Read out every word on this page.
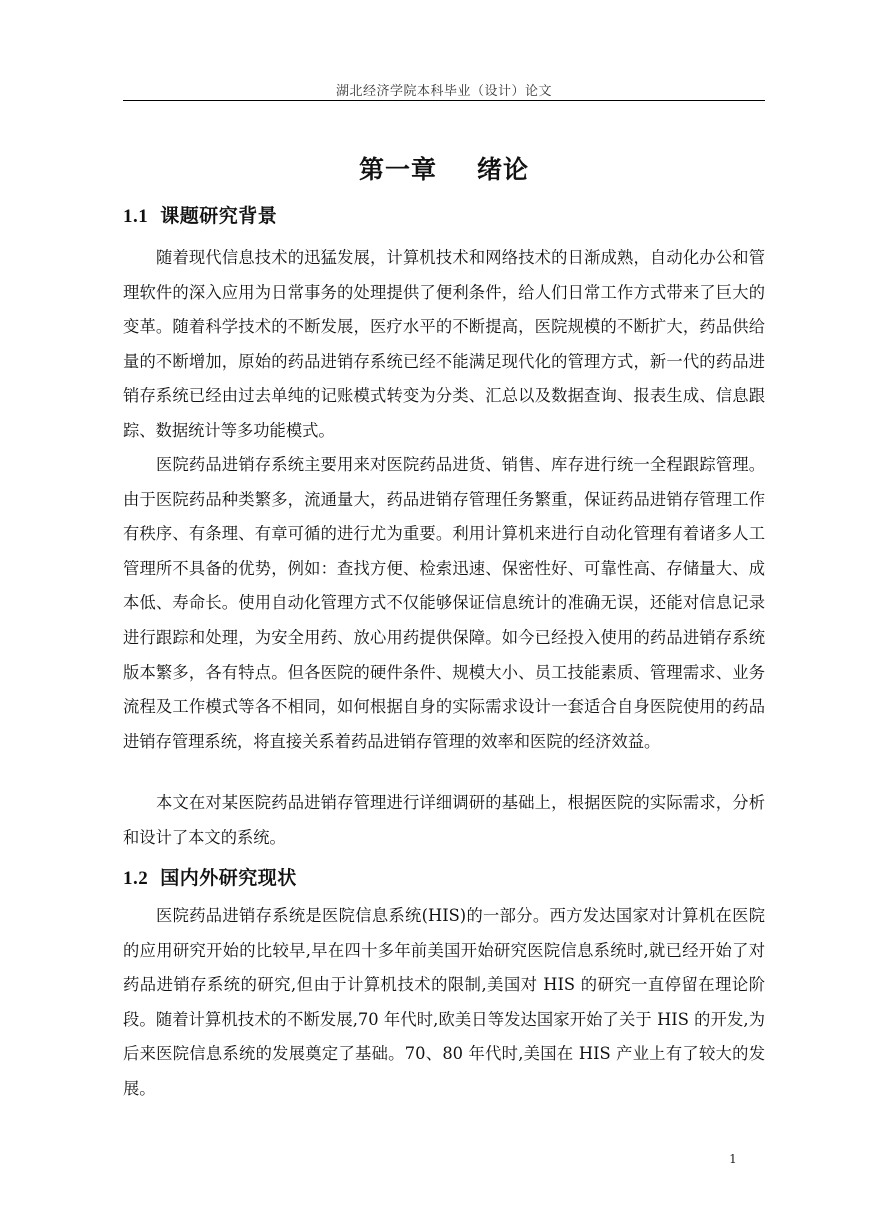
湖北经济学院本科毕业（设计）论文
第一章 绪论
1.1 课题研究背景

随着现代信息技术的迅猛发展，计算机技术和网络技术的日渐成熟，自动化办公和管理软件的深入应用为日常事务的处理提供了便利条件，给人们日常工作方式带来了巨大的变革。随着科学技术的不断发展，医疗水平的不断提高，医院规模的不断扩大，药品供给量的不断增加，原始的药品进销存系统已经不能满足现代化的管理方式，新一代的药品进销存系统已经由过去单纯的记账模式转变为分类、汇总以及数据查询、报表生成、信息跟踪、数据统计等多功能模式。

医院药品进销存系统主要用来对医院药品进货、销售、库存进行统一全程跟踪管理。由于医院药品种类繁多，流通量大，药品进销存管理任务繁重，保证药品进销存管理工作有秩序、有条理、有章可循的进行尤为重要。利用计算机来进行自动化管理有着诸多人工管理所不具备的优势，例如：查找方便、检索迅速、保密性好、可靠性高、存储量大、成本低、寿命长。使用自动化管理方式不仅能够保证信息统计的准确无误，还能对信息记录进行跟踪和处理，为安全用药、放心用药提供保障。如今已经投入使用的药品进销存系统版本繁多，各有特点。但各医院的硬件条件、规模大小、员工技能素质、管理需求、业务流程及工作模式等各不相同，如何根据自身的实际需求设计一套适合自身医院使用的药品进销存管理系统，将直接关系着药品进销存管理的效率和医院的经济效益。

本文在对某医院药品进销存管理进行详细调研的基础上，根据医院的实际需求，分析和设计了本文的系统。

1.2 国内外研究现状

医院药品进销存系统是医院信息系统(HIS)的一部分。西方发达国家对计算机在医院的应用研究开始的比较早,早在四十多年前美国开始研究医院信息系统时,就已经开始了对药品进销存系统的研究,但由于计算机技术的限制,美国对 HIS 的研究一直停留在理论阶段。随着计算机技术的不断发展,70 年代时,欧美日等发达国家开始了关于 HIS 的开发,为后来医院信息系统的发展奠定了基础。70、80 年代时,美国在 HIS 产业上有了较大的发展。

1
